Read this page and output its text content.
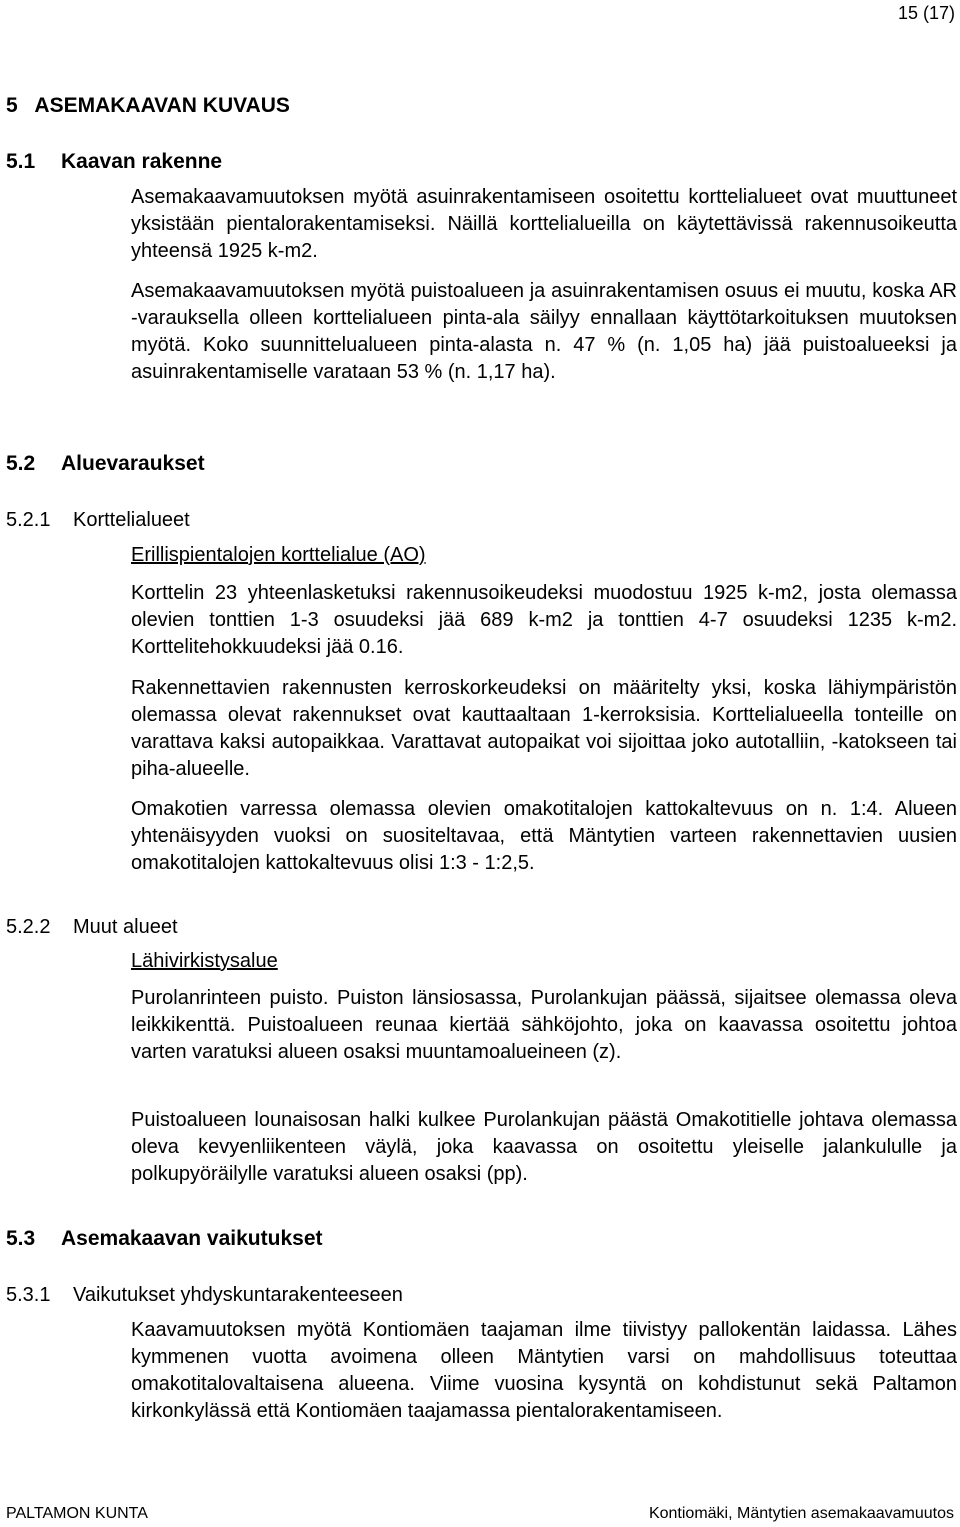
15 (17)
5   ASEMAKAAVAN KUVAUS
5.1 Kaavan rakenne
Asemakaavamuutoksen myötä asuinrakentamiseen osoitettu korttelialueet ovat muuttuneet yksistään pientalorakentamiseksi. Näillä korttelialueilla on käytettävissä rakennusoikeutta yhteensä 1925 k-m2.
Asemakaavamuutoksen myötä puistoalueen ja asuinrakentamisen osuus ei muutu, koska AR -varauksella olleen korttelialueen pinta-ala säilyy ennallaan käyttötarkoituksen muutoksen myötä. Koko suunnittelualueen pinta-alasta n. 47 % (n. 1,05 ha) jää puistoalueeksi ja asuinrakentamiselle varataan 53 % (n. 1,17 ha).
5.2 Aluevaraukset
5.2.1 Korttelialueet
Erillispientalojen korttelialue (AO)
Korttelin 23 yhteenlasketuksi rakennusoikeudeksi muodostuu 1925 k-m2, josta olemassa olevien tonttien 1-3 osuudeksi jää 689 k-m2 ja tonttien 4-7 osuudeksi 1235 k-m2. Korttelitehokkuudeksi jää 0.16.
Rakennettavien rakennusten kerroskorkeudeksi on määritelty yksi, koska lähiympäristön olemassa olevat rakennukset ovat kauttaaltaan 1-kerroksisia. Korttelialueella tonteille on varattava kaksi autopaikkaa. Varattavat autopaikat voi sijoittaa joko autotalliin, -katokseen tai piha-alueelle.
Omakotien varressa olemassa olevien omakotitalojen kattokaltevuus on n. 1:4. Alueen yhtenäisyyden vuoksi on suositeltavaa, että Mäntytien varteen rakennettavien uusien omakotitalojen kattokaltevuus olisi 1:3 - 1:2,5.
5.2.2 Muut alueet
Lähivirkistysalue
Purolanrinteen puisto. Puiston länsiosassa, Purolankujan päässä, sijaitsee olemassa oleva leikkikenttä. Puistoalueen reunaa kiertää sähköjohto, joka on kaavassa osoitettu johtoa varten varatuksi alueen osaksi muuntamoalueineen (z).
Puistoalueen lounaisosan halki kulkee Purolankujan päästä Omakotitielle johtava olemassa oleva kevyenliikenteen väylä, joka kaavassa on osoitettu yleiselle jalankululle ja polkupyöräilylle varatuksi alueen osaksi (pp).
5.3 Asemakaavan vaikutukset
5.3.1 Vaikutukset yhdyskuntarakenteeseen
Kaavamuutoksen myötä Kontiomäen taajaman ilme tiivistyy pallokentän laidassa. Lähes kymmenen vuotta avoimena olleen Mäntytien varsi on mahdollisuus toteuttaa omakotitalovaltaisena alueena. Viime vuosina kysyntä on kohdistunut sekä Paltamon kirkonkylässä että Kontiomäen taajamassa pientalorakentamiseen.
PALTAMON KUNTA	Kontiomäki, Mäntytien asemakaavamuutos
